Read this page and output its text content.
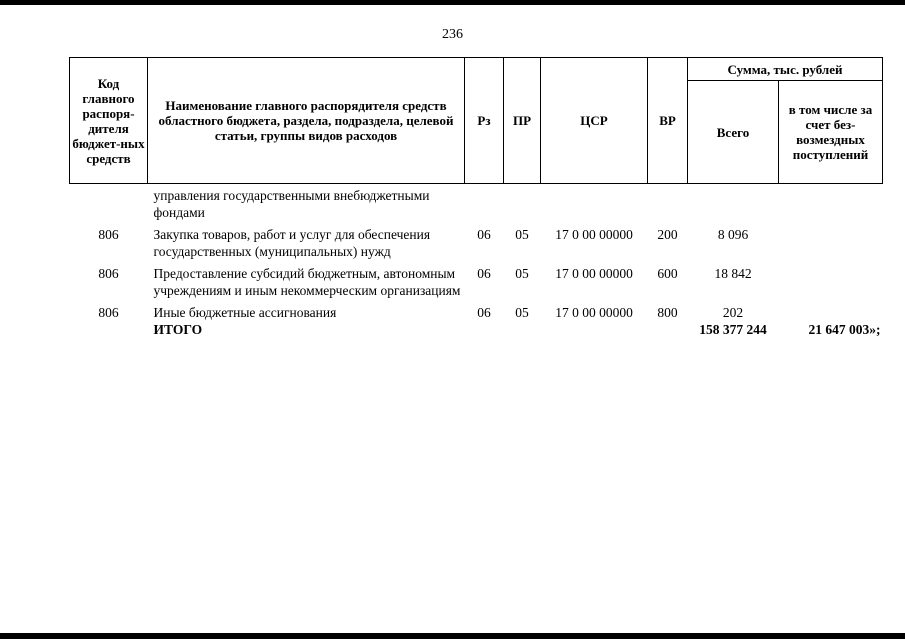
236
Код главного распоря-дителя бюджет-ных средств	Наименование главного распорядителя средств областного бюджета, раздела, подраздела, целевой статьи, группы видов расходов	Рз	ПР	ЦСР	ВР	Сумма, тыс. рублей	
						Всего	в том числе за счет без-возмездных поступлений
	управления государственными внебюджетными фондами						
806	Закупка товаров, работ и услуг для обеспечения государственных (муниципальных) нужд	06	05	17 0 00 00000	200	8 096	
806	Предоставление субсидий бюджетным, автономным учреждениям и иным некоммерческим организациям	06	05	17 0 00 00000	600	18 842	
806	Иные бюджетные ассигнования	06	05	17 0 00 00000	800	202	
	ИТОГО					158 377 244	21 647 003»;
